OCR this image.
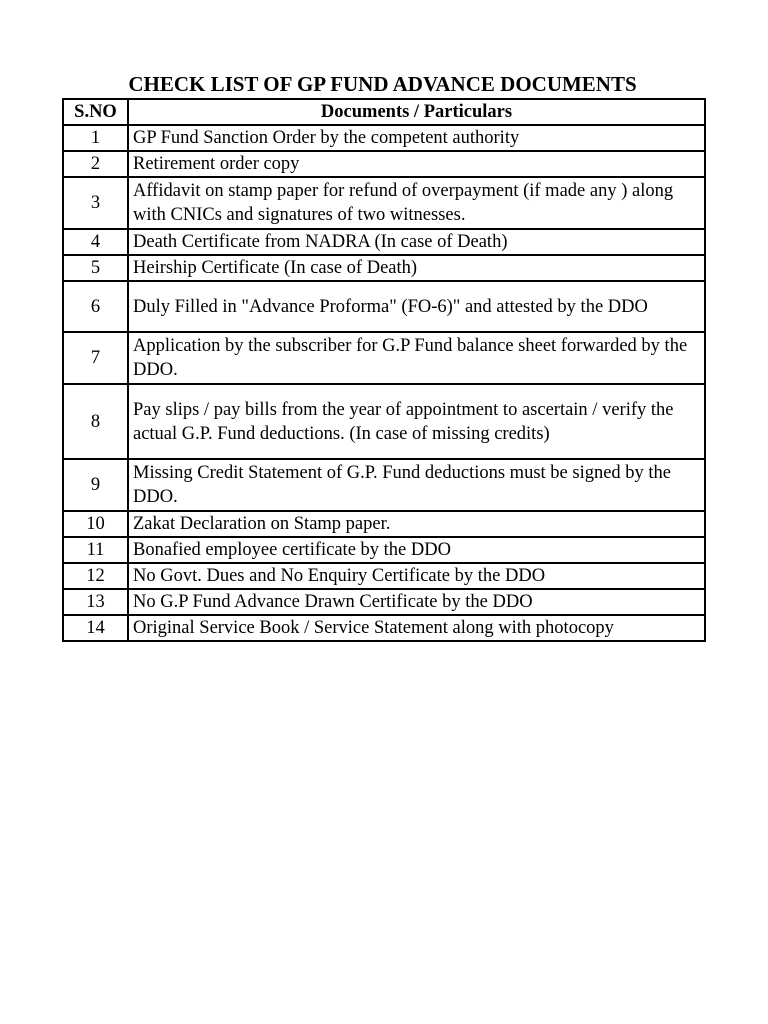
CHECK LIST OF GP FUND ADVANCE DOCUMENTS
S.NO	Documents / Particulars
1	GP Fund Sanction Order by the competent authority
2	Retirement order copy
3	Affidavit on stamp paper for refund of overpayment (if made any ) along with CNICs and signatures of two witnesses.
4	Death Certificate from NADRA (In case of Death)
5	Heirship Certificate (In case of Death)
6	Duly Filled in "Advance Proforma" (FO-6)" and attested by the DDO
7	Application by the subscriber for G.P Fund balance sheet forwarded by the DDO.
8	Pay slips / pay bills from the year of appointment to ascertain / verify the actual G.P. Fund deductions. (In case of missing credits)
9	Missing Credit Statement of G.P. Fund deductions must be signed by the DDO.
10	Zakat Declaration on Stamp paper.
11	Bonafied employee certificate by the DDO
12	No Govt. Dues and No Enquiry Certificate by the DDO
13	No G.P Fund Advance Drawn Certificate by the DDO
14	Original Service Book / Service Statement along with photocopy
